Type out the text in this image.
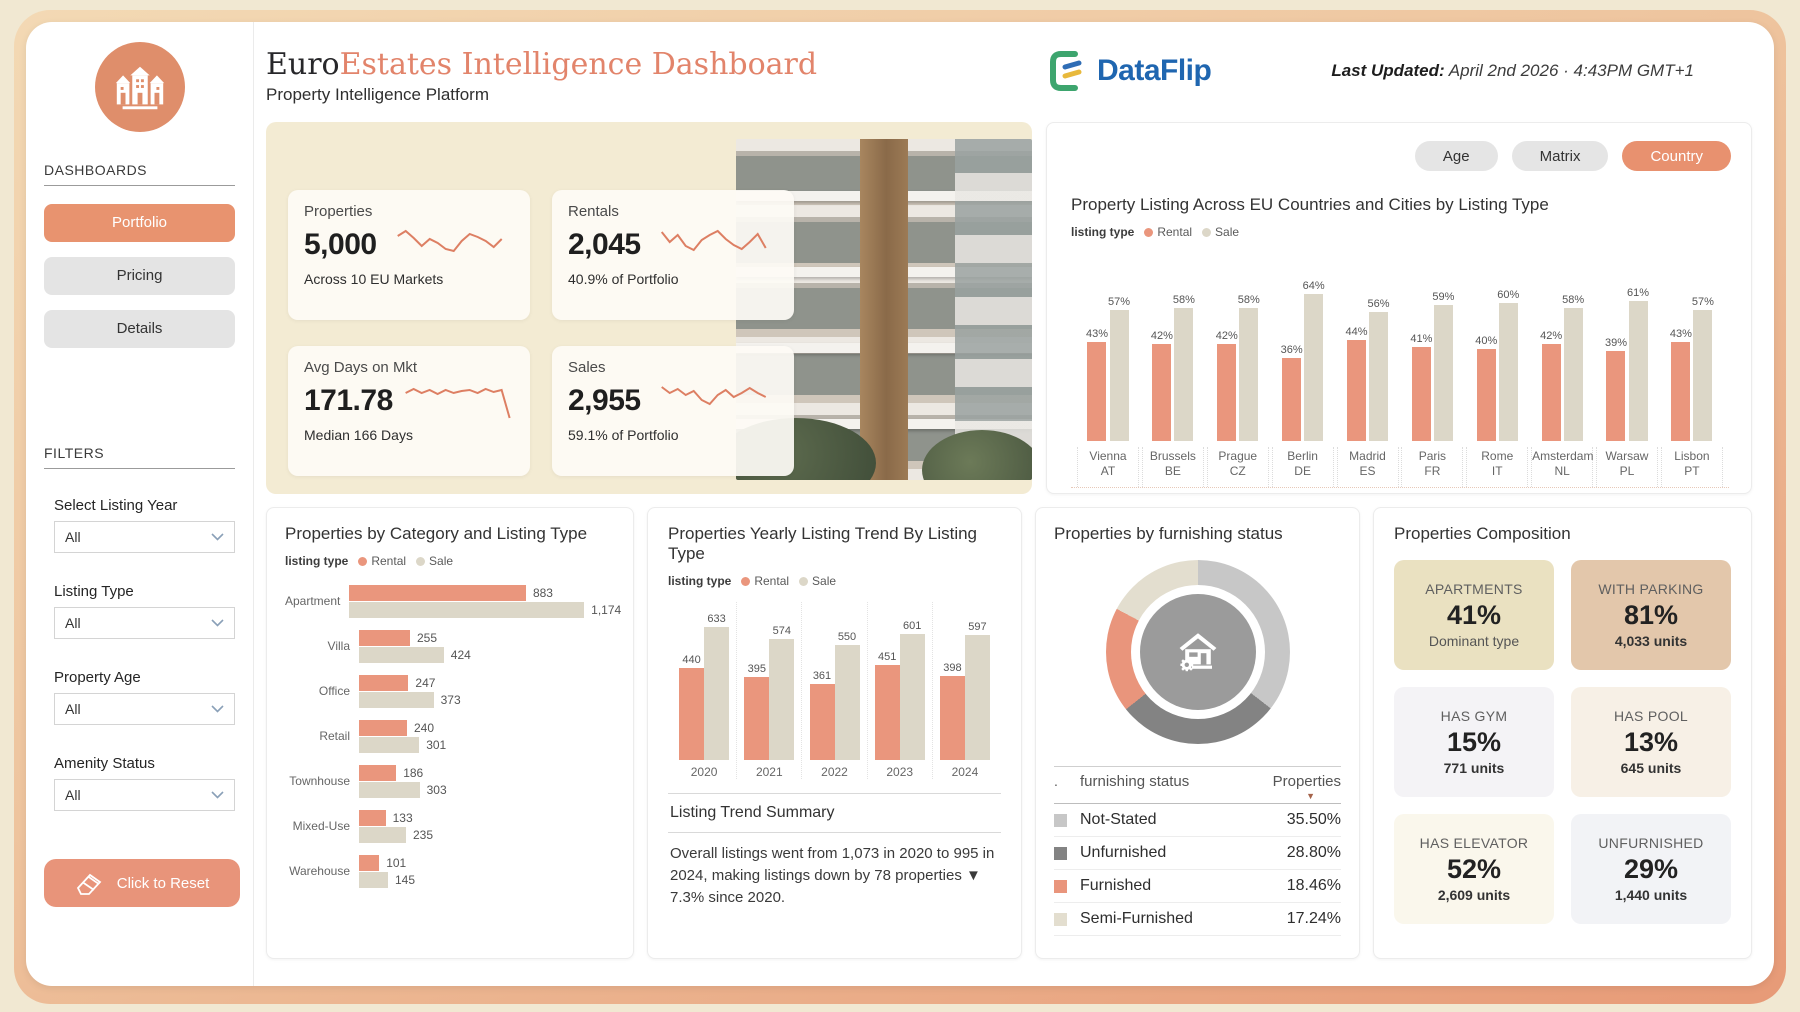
DASHBOARDS
Portfolio
Pricing
Details
FILTERS
Select Listing Year
All
Listing Type
All
Property Age
All
Amenity Status
All
Click to Reset
EuroEstates Intelligence Dashboard
Property Intelligence Platform
DataFlip	Last Updated: April 2nd 2026 · 4:43PM GMT+1
Properties
5,000
Across 10 EU Markets
Rentals
2,045
40.9% of Portfolio
Avg Days on Mkt
171.78
Median 166 Days
Sales
2,955
59.1% of Portfolio
Age	Matrix	Country
Property Listing Across EU Countries and Cities by Listing Type
listing type Rental Sale
43%
57%
Vienna
AT
42%
58%
Brussels
BE
42%
58%
Prague
CZ
36%
64%
Berlin
DE
44%
56%
Madrid
ES
41%
59%
Paris
FR
40%
60%
Rome
IT
42%
58%
Amsterdam
NL
39%
61%
Warsaw
PL
43%
57%
Lisbon
PT
Properties by Category and Listing Type
listing type Rental Sale
Apartment
883
1,174
Villa
255
424
Office
247
373
Retail
240
301
Townhouse
186
303
Mixed-Use
133
235
Warehouse
101
145
Properties Yearly Listing Trend By Listing Type
listing type Rental Sale
440
633
2020
395
574
2021
361
550
2022
451
601
2023
398
597
2024
Listing Trend Summary

Overall listings went from 1,073 in 2020 to 995 in 2024, making listings down by 78 properties ▼ 7.3% since 2020.

Properties by furnishing status
.	furnishing status	Properties
▼
Not-Stated	35.50%
Unfurnished	28.80%
Furnished	18.46%
Semi-Furnished	17.24%
Properties Composition
APARTMENTS
41%
Dominant type
WITH PARKING
81%
4,033 units
HAS GYM
15%
771 units
HAS POOL
13%
645 units
HAS ELEVATOR
52%
2,609 units
UNFURNISHED
29%
1,440 units
